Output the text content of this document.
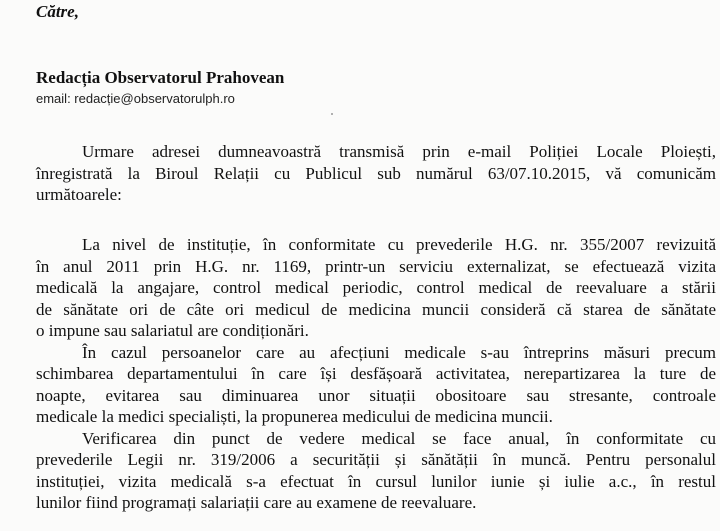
Către,
Redacția Observatorul Prahovean
email: redacție@observatorulph.ro
Urmare adresei dumneavoastră transmisă prin e-mail Poliției Locale Ploiești,
înregistrată la Biroul Relații cu Publicul sub numărul 63/07.10.2015, vă comunicăm
următoarele:
La nivel de instituție, în conformitate cu prevederile H.G. nr. 355/2007 revizuită
în anul 2011 prin H.G. nr. 1169, printr-un serviciu externalizat, se efectuează vizita
medicală la angajare, control medical periodic, control medical de reevaluare a stării
de sănătate ori de câte ori medicul de medicina muncii consideră că starea de sănătate
o impune sau salariatul are condiționări.
În cazul persoanelor care au afecțiuni medicale s-au întreprins măsuri precum
schimbarea departamentului în care își desfășoară activitatea, nerepartizarea la ture de
noapte, evitarea sau diminuarea unor situații obositoare sau stresante, controale
medicale la medici specialiști, la propunerea medicului de medicina muncii.
Verificarea din punct de vedere medical se face anual, în conformitate cu
prevederile Legii nr. 319/2006 a securității și sănătății în muncă. Pentru personalul
instituției, vizita medicală s-a efectuat în cursul lunilor iunie și iulie a.c., în restul
lunilor fiind programați salariații care au examene de reevaluare.
